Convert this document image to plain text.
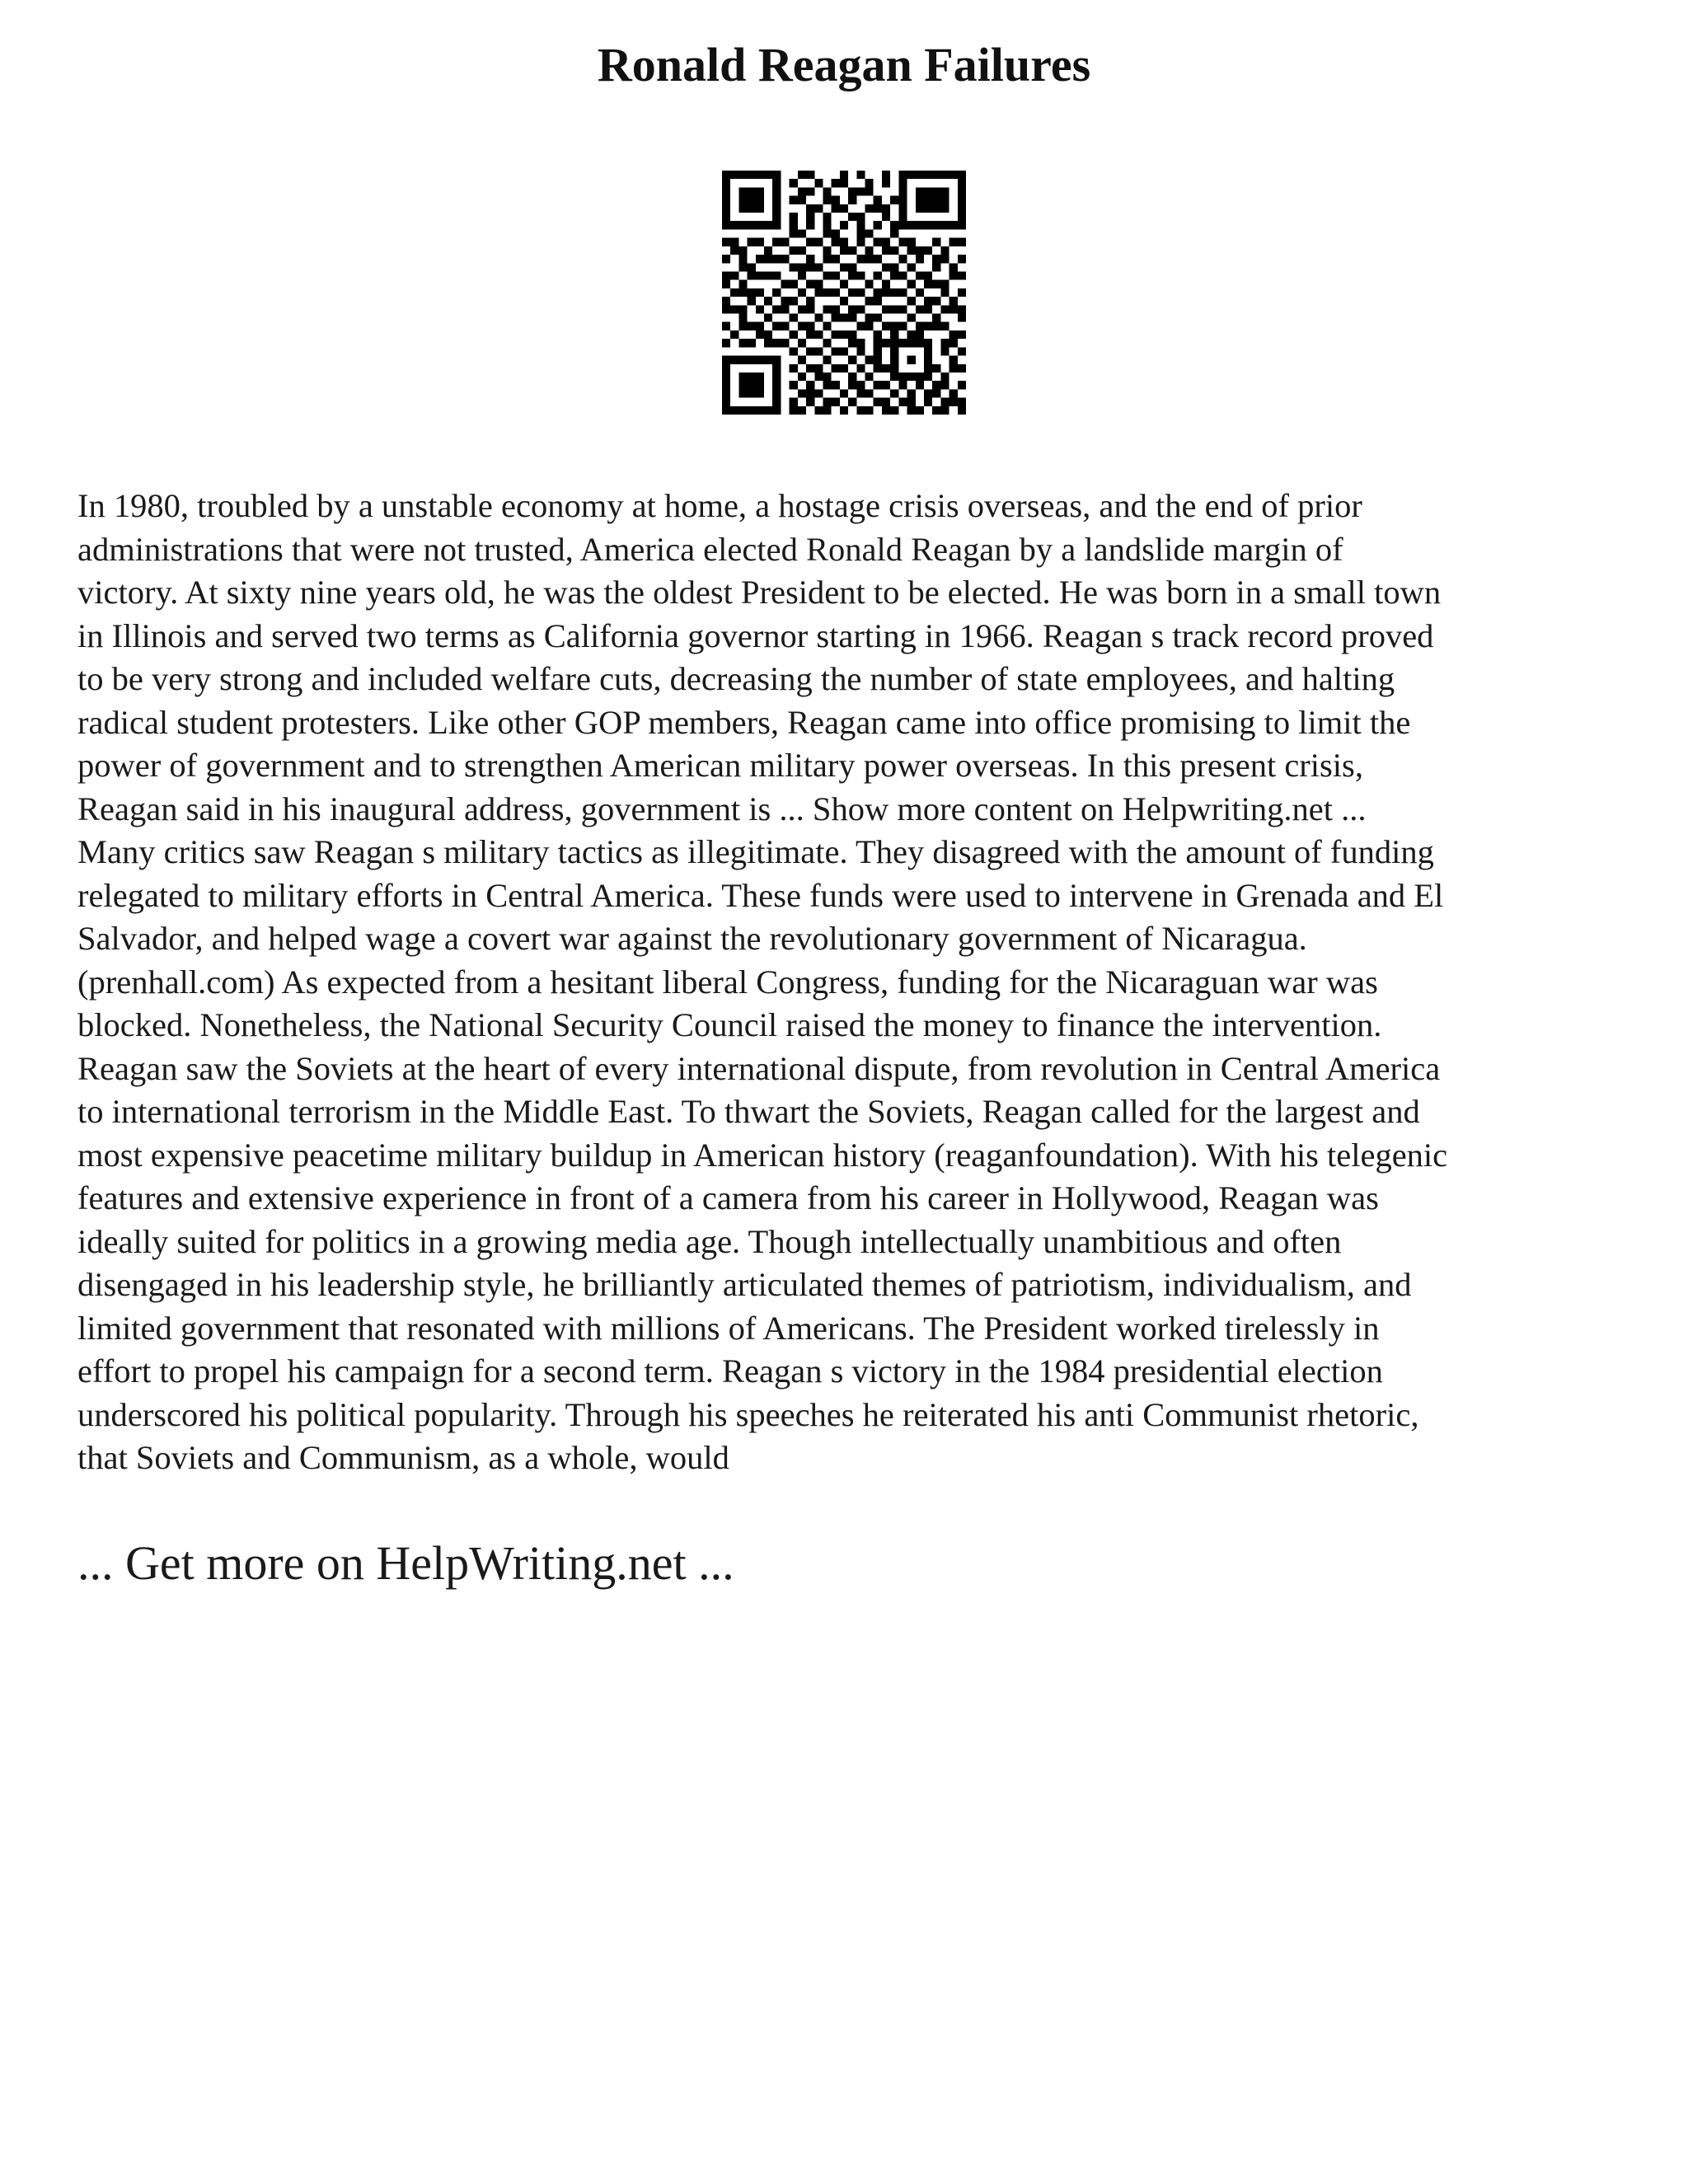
Ronald Reagan Failures
In 1980, troubled by a unstable economy at home, a hostage crisis overseas, and the end of prior
administrations that were not trusted, America elected Ronald Reagan by a landslide margin of
victory. At sixty nine years old, he was the oldest President to be elected. He was born in a small town
in Illinois and served two terms as California governor starting in 1966. Reagan s track record proved
to be very strong and included welfare cuts, decreasing the number of state employees, and halting
radical student protesters. Like other GOP members, Reagan came into office promising to limit the
power of government and to strengthen American military power overseas. In this present crisis,
Reagan said in his inaugural address, government is ... Show more content on Helpwriting.net ...
Many critics saw Reagan s military tactics as illegitimate. They disagreed with the amount of funding
relegated to military efforts in Central America. These funds were used to intervene in Grenada and El
Salvador, and helped wage a covert war against the revolutionary government of Nicaragua.
(prenhall.com) As expected from a hesitant liberal Congress, funding for the Nicaraguan war was
blocked. Nonetheless, the National Security Council raised the money to finance the intervention.
Reagan saw the Soviets at the heart of every international dispute, from revolution in Central America
to international terrorism in the Middle East. To thwart the Soviets, Reagan called for the largest and
most expensive peacetime military buildup in American history (reaganfoundation). With his telegenic
features and extensive experience in front of a camera from his career in Hollywood, Reagan was
ideally suited for politics in a growing media age. Though intellectually unambitious and often
disengaged in his leadership style, he brilliantly articulated themes of patriotism, individualism, and
limited government that resonated with millions of Americans. The President worked tirelessly in
effort to propel his campaign for a second term. Reagan s victory in the 1984 presidential election
underscored his political popularity. Through his speeches he reiterated his anti Communist rhetoric,
that Soviets and Communism, as a whole, would
... Get more on HelpWriting.net ...
